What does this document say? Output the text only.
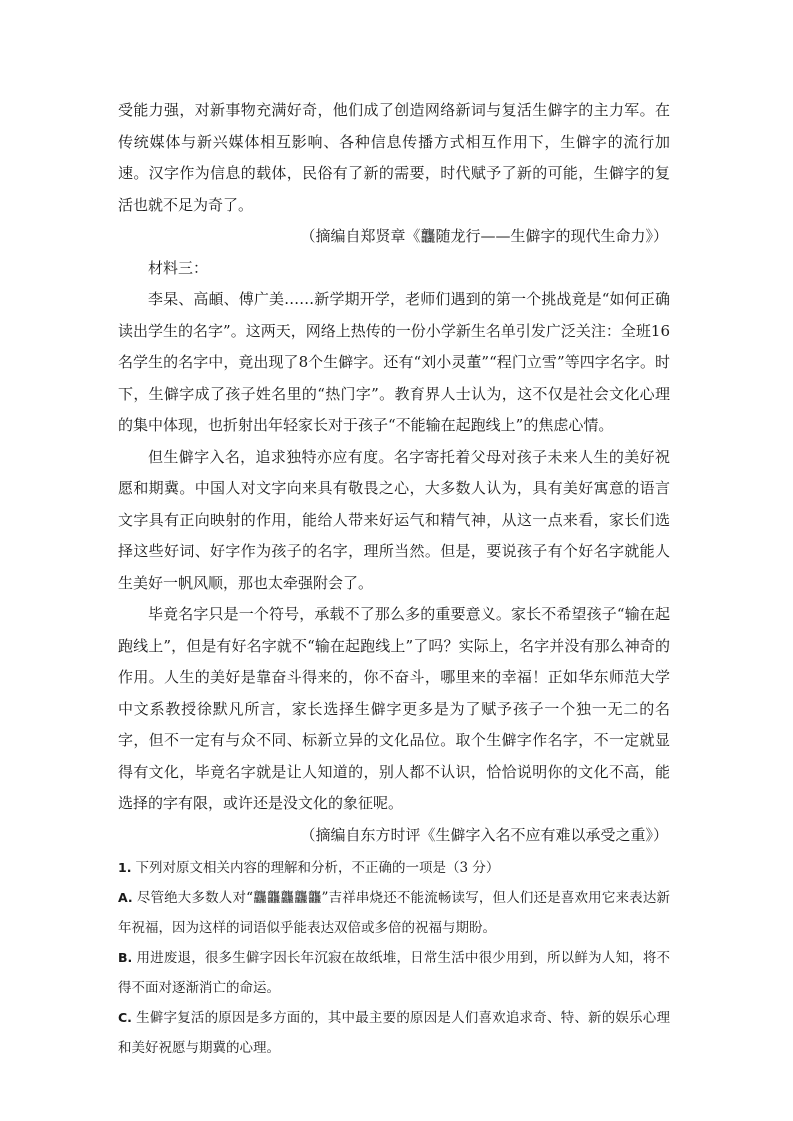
受能力强，对新事物充满好奇，他们成了创造网络新词与复活生僻字的主力军。在传统媒体与新兴媒体相互影响、各种信息传播方式相互作用下，生僻字的流行加速。汉字作为信息的载体，民俗有了新的需要，时代赋予了新的可能，生僻字的复活也就不足为奇了。

（摘编自郑贤章《龘随龙行——生僻字的现代生命力》）

材料三：

李杲、高頔、傅广美……新学期开学，老师们遇到的第一个挑战竟是“如何正确读出学生的名字”。这两天，网络上热传的一份小学新生名单引发广泛关注：全班16名学生的名字中，竟出现了8个生僻字。还有“刘小灵董”“程门立雪”等四字名字。时下，生僻字成了孩子姓名里的“热门字”。教育界人士认为，这不仅是社会文化心理的集中体现，也折射出年轻家长对于孩子“不能输在起跑线上”的焦虑心情。

但生僻字入名，追求独特亦应有度。名字寄托着父母对孩子未来人生的美好祝愿和期冀。中国人对文字向来具有敬畏之心，大多数人认为，具有美好寓意的语言文字具有正向映射的作用，能给人带来好运气和精气神，从这一点来看，家长们选择这些好词、好字作为孩子的名字，理所当然。但是，要说孩子有个好名字就能人生美好一帆风顺，那也太牵强附会了。

毕竟名字只是一个符号，承载不了那么多的重要意义。家长不希望孩子“输在起跑线上”，但是有好名字就不“输在起跑线上”了吗？实际上，名字并没有那么神奇的作用。人生的美好是靠奋斗得来的，你不奋斗，哪里来的幸福！正如华东师范大学中文系教授徐默凡所言，家长选择生僻字更多是为了赋予孩子一个独一无二的名字，但不一定有与众不同、标新立异的文化品位。取个生僻字作名字，不一定就显得有文化，毕竟名字就是让人知道的，别人都不认识，恰恰说明你的文化不高，能选择的字有限，或许还是没文化的象征呢。

（摘编自东方时评《生僻字入名不应有难以承受之重》）

1. 下列对原文相关内容的理解和分析，不正确的一项是（3 分）

A. 尽管绝大多数人对“龘龘龘龘龘”吉祥串烧还不能流畅读写，但人们还是喜欢用它来表达新年祝福，因为这样的词语似乎能表达双倍或多倍的祝福与期盼。

B. 用进废退，很多生僻字因长年沉寂在故纸堆，日常生活中很少用到，所以鲜为人知，将不得不面对逐渐消亡的命运。

C. 生僻字复活的原因是多方面的，其中最主要的原因是人们喜欢追求奇、特、新的娱乐心理和美好祝愿与期冀的心理。
